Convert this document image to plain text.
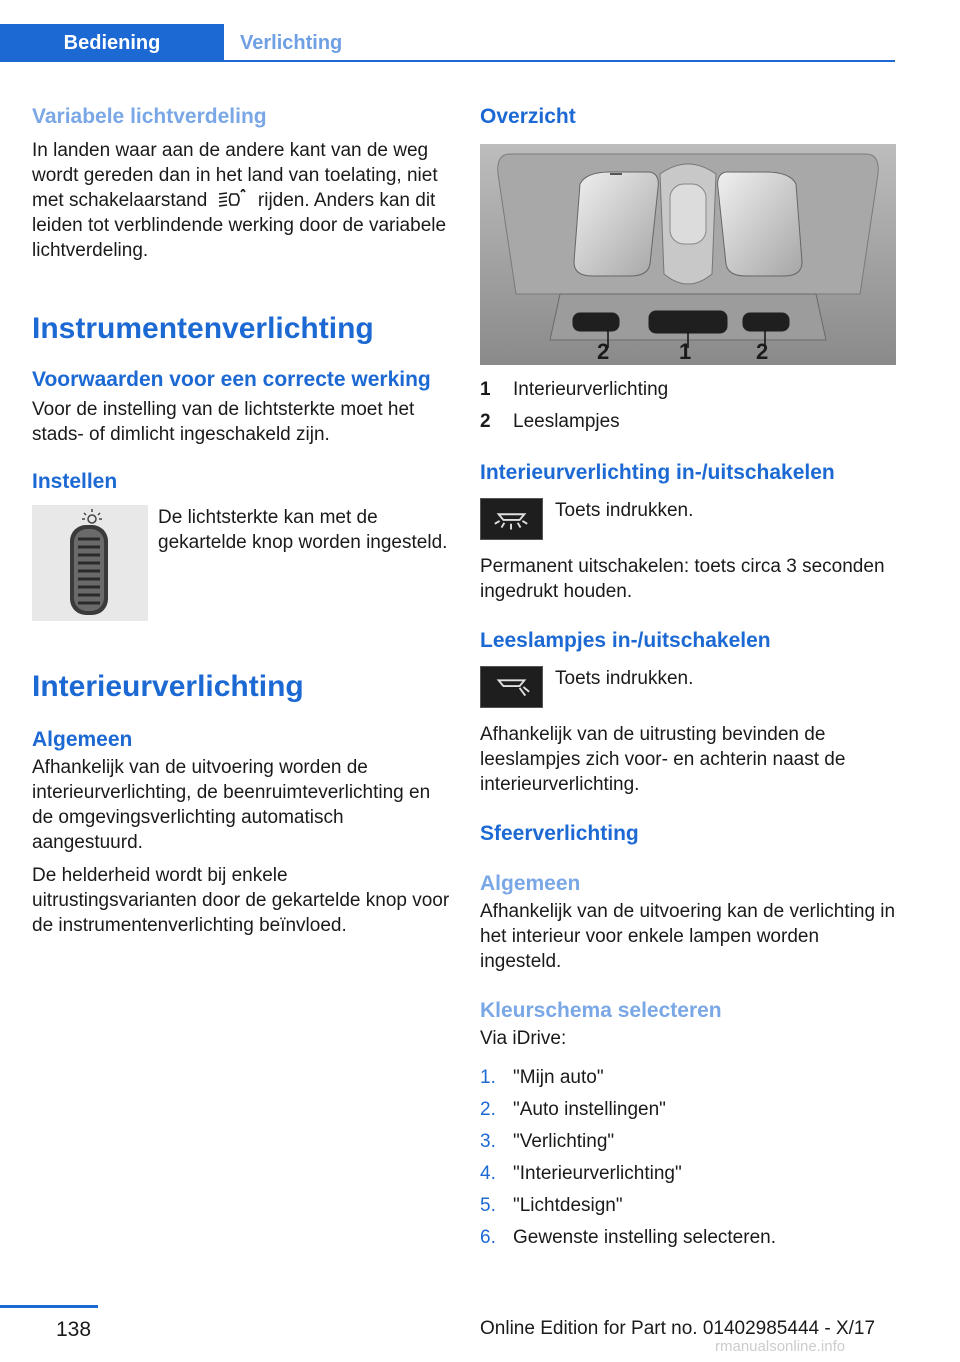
Bediening	Verlichting
Variabele lichtverdeling

In landen waar aan de andere kant van de weg wordt gereden dan in het land van toelating, niet met schakelaarstand	rijden. Anders kan dit leiden tot verblindende werking door de variabele lichtverdeling.

Instrumentenverlichting
Voorwaarden voor een correcte werking

Voor de instelling van de lichtsterkte moet het stads- of dimlicht ingeschakeld zijn.

Instellen

De lichtsterkte kan met de gekartelde knop worden ingesteld.

Interieurverlichting
Algemeen

Afhankelijk van de uitvoering worden de interieurverlichting, de beenruimteverlichting en de omgevingsverlichting automatisch aangestuurd.

De helderheid wordt bij enkele uitrustingsvarianten door de gekartelde knop voor de instrumentenverlichting beïnvloed.

Overzicht
2	1	2
1	Interieurverlichting
2	Leeslampjes
Interieurverlichting in-/uitschakelen

Toets indrukken.

Permanent uitschakelen: toets circa 3 seconden ingedrukt houden.

Leeslampjes in-/uitschakelen

Toets indrukken.

Afhankelijk van de uitrusting bevinden de leeslampjes zich voor- en achterin naast de interieurverlichting.

Sfeerverlichting
Algemeen

Afhankelijk van de uitvoering kan de verlichting in het interieur voor enkele lampen worden ingesteld.

Kleurschema selecteren

Via iDrive:

1. "Mijn auto"
2. "Auto instellingen"
3. "Verlichting"
4. "Interieurverlichting"
5. "Lichtdesign"
6. Gewenste instelling selecteren.
138	Online Edition for Part no. 01402985444 - X/17
rmanualsonline.info
